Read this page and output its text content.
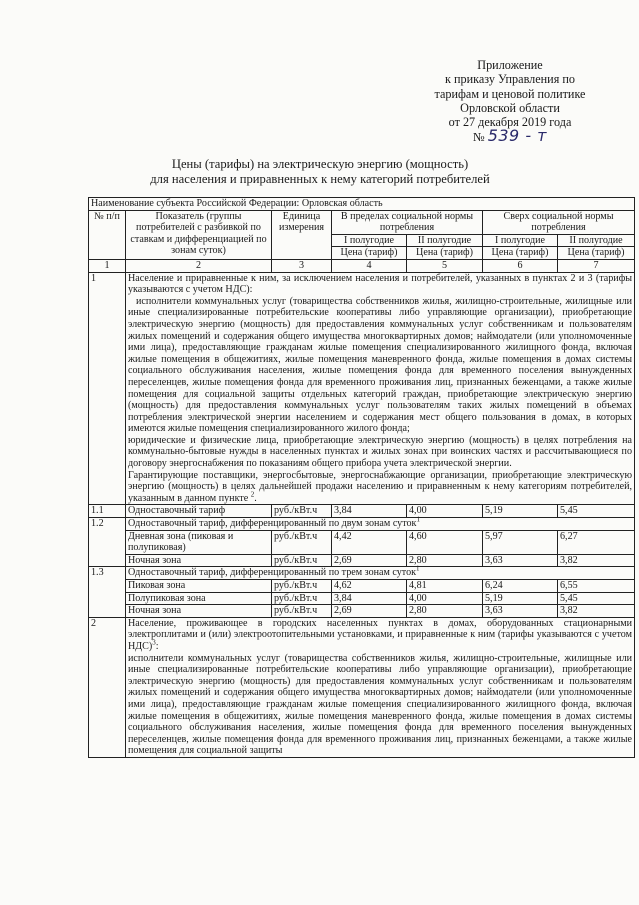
Приложение
к приказу Управления по
тарифам и ценовой политике
Орловской области
от 27 декабря 2019 года
№ 539 - т
Цены (тарифы) на электрическую энергию (мощность)
для населения и приравненных к нему категорий потребителей
Наименование субъекта Российской Федерации: Орловская область						
№ п/п	Показатель (группы потребителей с разбивкой по ставкам и дифференциацией по зонам суток)	Единица измерения	В пределах социальной нормы потребления		Сверх социальной нормы потребления	
			I полугодие	II полугодие	I полугодие	II полугодие
			Цена (тариф)	Цена (тариф)	Цена (тариф)	Цена (тариф)
1	2	3	4	5	6	7
1	Население и приравненные к ним, за исключением населения и потребителей, указанных в пунктах 2 и 3 (тарифы указываются с учетом НДС):

исполнители коммунальных услуг (товарищества собственников жилья, жилищно-строительные, жилищные или иные специализированные потребительские кооперативы либо управляющие организации), приобретающие электрическую энергию (мощность) для предоставления коммунальных услуг собственникам и пользователям жилых помещений и содержания общего имущества многоквартирных домов; наймодатели (или уполномоченные ими лица), предоставляющие гражданам жилые помещения специализированного жилищного фонда, включая жилые помещения в общежитиях, жилые помещения маневренного фонда, жилые помещения в домах системы социального обслуживания населения, жилые помещения фонда для временного поселения вынужденных переселенцев, жилые помещения фонда для временного проживания лиц, признанных беженцами, а также жилые помещения для социальной защиты отдельных категорий граждан, приобретающие электрическую энергию (мощность) для предоставления коммунальных услуг пользователям таких жилых помещений в объемах потребления электрической энергии населением и содержания мест общего пользования в домах, в которых имеются жилые помещения специализированного жилого фонда;

юридические и физические лица, приобретающие электрическую энергию (мощность) в целях потребления на коммунально-бытовые нужды в населенных пунктах и жилых зонах при воинских частях и рассчитывающиеся по договору энергоснабжения по показаниям общего прибора учета электрической энергии.

Гарантирующие поставщики, энергосбытовые, энергоснабжающие организации, приобретающие электрическую энергию (мощность) в целях дальнейшей продажи населению и приравненным к нему категориям потребителей, указанным в данном пункте $^2$.					

1.1	Одноставочный тариф	руб./кВт.ч	3,84	4,00	5,19	5,45
1.2	Одноставочный тариф, дифференцированный по двум зонам суток$^1$
	Дневная зона (пиковая и полупиковая)	руб./кВт.ч	4,42	4,60	5,97	6,27
	Ночная зона	руб./кВт.ч	2,69	2,80	3,63	3,82
1.3	Одноставочный тариф, дифференцированный по трем зонам суток$^1$
	Пиковая зона	руб./кВт.ч	4,62	4,81	6,24	6,55
	Полупиковая зона	руб./кВт.ч	3,84	4,00	5,19	5,45
	Ночная зона	руб./кВт.ч	2,69	2,80	3,63	3,82
2	Население, проживающее в городских населенных пунктах в домах, оборудованных стационарными электроплитами и (или) электроотопительными установками, и приравненные к ним (тарифы указываются с учетом НДС)$^3$:

исполнители коммунальных услуг (товарищества собственников жилья, жилищно-строительные, жилищные или иные специализированные потребительские кооперативы либо управляющие организации), приобретающие электрическую энергию (мощность) для предоставления коммунальных услуг собственникам и пользователям жилых помещений и содержания общего имущества многоквартирных домов; наймодатели (или уполномоченные ими лица), предоставляющие гражданам жилые помещения специализированного жилищного фонда, включая жилые помещения в общежитиях, жилые помещения маневренного фонда, жилые помещения в домах системы социального обслуживания населения, жилые помещения фонда для временного поселения вынужденных переселенцев, жилые помещения фонда для временного проживания лиц, признанных беженцами, а также жилые помещения для социальной защиты					
